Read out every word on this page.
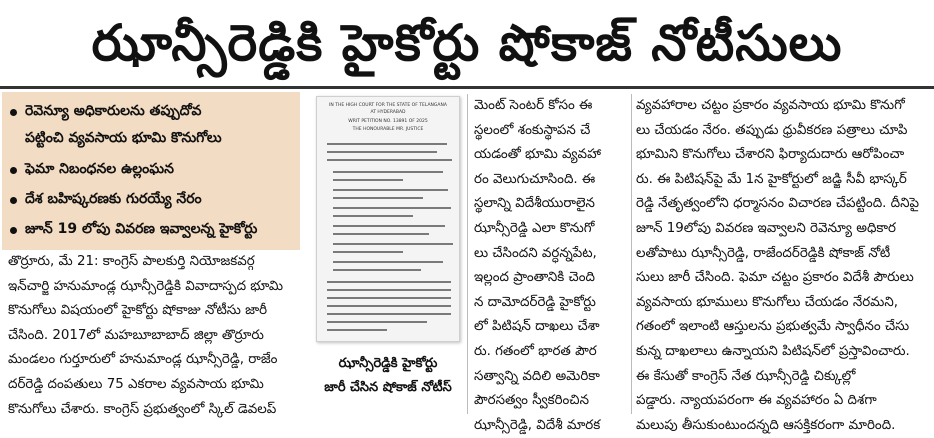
ఝాన్సీరెడ్డికి హైకోర్టు షోకాజ్‌ నోటీసులు
రెవెన్యూ అధికారులను తప్పుదోవ
పట్టించి వ్యవసాయ భూమి కొనుగోలు
ఫెమా నిబంధనల ఉల్లంఘన
దేశ బహిష్కరణకు గురయ్యే నేరం
జూన్‌ 19 లోపు వివరణ ఇవ్వాలన్న హైకోర్టు
IN THE HIGH COURT FOR THE STATE OF TELANGANA
AT HYDERABAD
WRIT PETITION NO. 13891 OF 2025
THE HONOURABLE MR. JUSTICE
ఝాన్సీరెడ్డికి హైకోర్టు
జారీ చేసిన షోకాజ్‌ నోటీస్‌
తొర్రూరు, మే 21: కాంగ్రెస్‌ పాలకుర్తి నియోజకవర్గ
ఇన్‌చార్జి హనుమాండ్ల ఝాన్సీరెడ్డికి వివాదాస్పద భూమి
కొనుగోలు విషయంలో హైకోర్టు షోకాజు నోటీసు జారీ
చేసింది. 2017లో మహబూబాబాద్‌ జిల్లా తొర్రూరు
మండలం గుర్తూరులో హనుమాండ్ల ఝాన్సీరెడ్డి, రాజేం
దర్‌రెడ్డి దంపతులు 75 ఎకరాల వ్యవసాయ భూమి
కొనుగోలు చేశారు. కాంగ్రెస్‌ ప్రభుత్వంలో స్కిల్‌ డెవలప్‌
మెంట్‌ సెంటర్‌ కోసం ఈ
స్థలంలో శంకుస్థాపన చే
యడంతో భూమి వ్యవహా
రం వెలుగుచూసింది. ఈ
స్థలాన్ని విదేశీయురాలైన
ఝాన్సీరెడ్డి ఎలా కొనుగో
లు చేసిందని వర్ధన్నపేట,
ఇల్లంద ప్రాంతానికి చెంది
న దామోదర్‌రెడ్డి హైకోర్టు
లో పిటిషన్‌ దాఖలు చేశా
రు. గతంలో భారత పౌర
సత్వాన్ని వదిలి అమెరికా
పౌరసత్వం స్వీకరించిన
ఝాన్సీరెడ్డి, విదేశీ మారక
వ్యవహారాల చట్టం ప్రకారం వ్యవసాయ భూమి కొనుగో
లు చేయడం నేరం. తప్పుడు ధ్రువీకరణ పత్రాలు చూపి
భూమిని కొనుగోలు చేశారని ఫిర్యాదుదారు ఆరోపించా
రు. ఈ పిటిషన్‌పై మే 1న హైకోర్టులో జడ్జి సీవీ భాస్కర్‌
రెడ్డి నేతృత్వంలోని ధర్మాసనం విచారణ చేపట్టింది. దీనిపై
జూన్‌ 19లోపు వివరణ ఇవ్వాలని రెవెన్యూ అధికార
లతోపాటు ఝాన్సీరెడ్డి, రాజేందర్‌రెడ్డికి షోకాజ్‌ నోటీ
సులు జారీ చేసింది. ఫెమా చట్టం ప్రకారం విదేశీ పౌరులు
వ్యవసాయ భూములు కొనుగోలు చేయడం నేరమని,
గతంలో ఇలాంటి ఆస్తులను ప్రభుత్వమే స్వాధీనం చేసు
కున్న దాఖలాలు ఉన్నాయని పిటిషన్‌లో ప్రస్తావించారు.
ఈ కేసుతో కాంగ్రెస్‌ నేత ఝాన్సీరెడ్డి చిక్కుల్లో
పడ్డారు. న్యాయపరంగా ఈ వ్యవహారం ఏ దిశగా
మలుపు తీసుకుంటుందన్నది ఆసక్తికరంగా మారింది.
